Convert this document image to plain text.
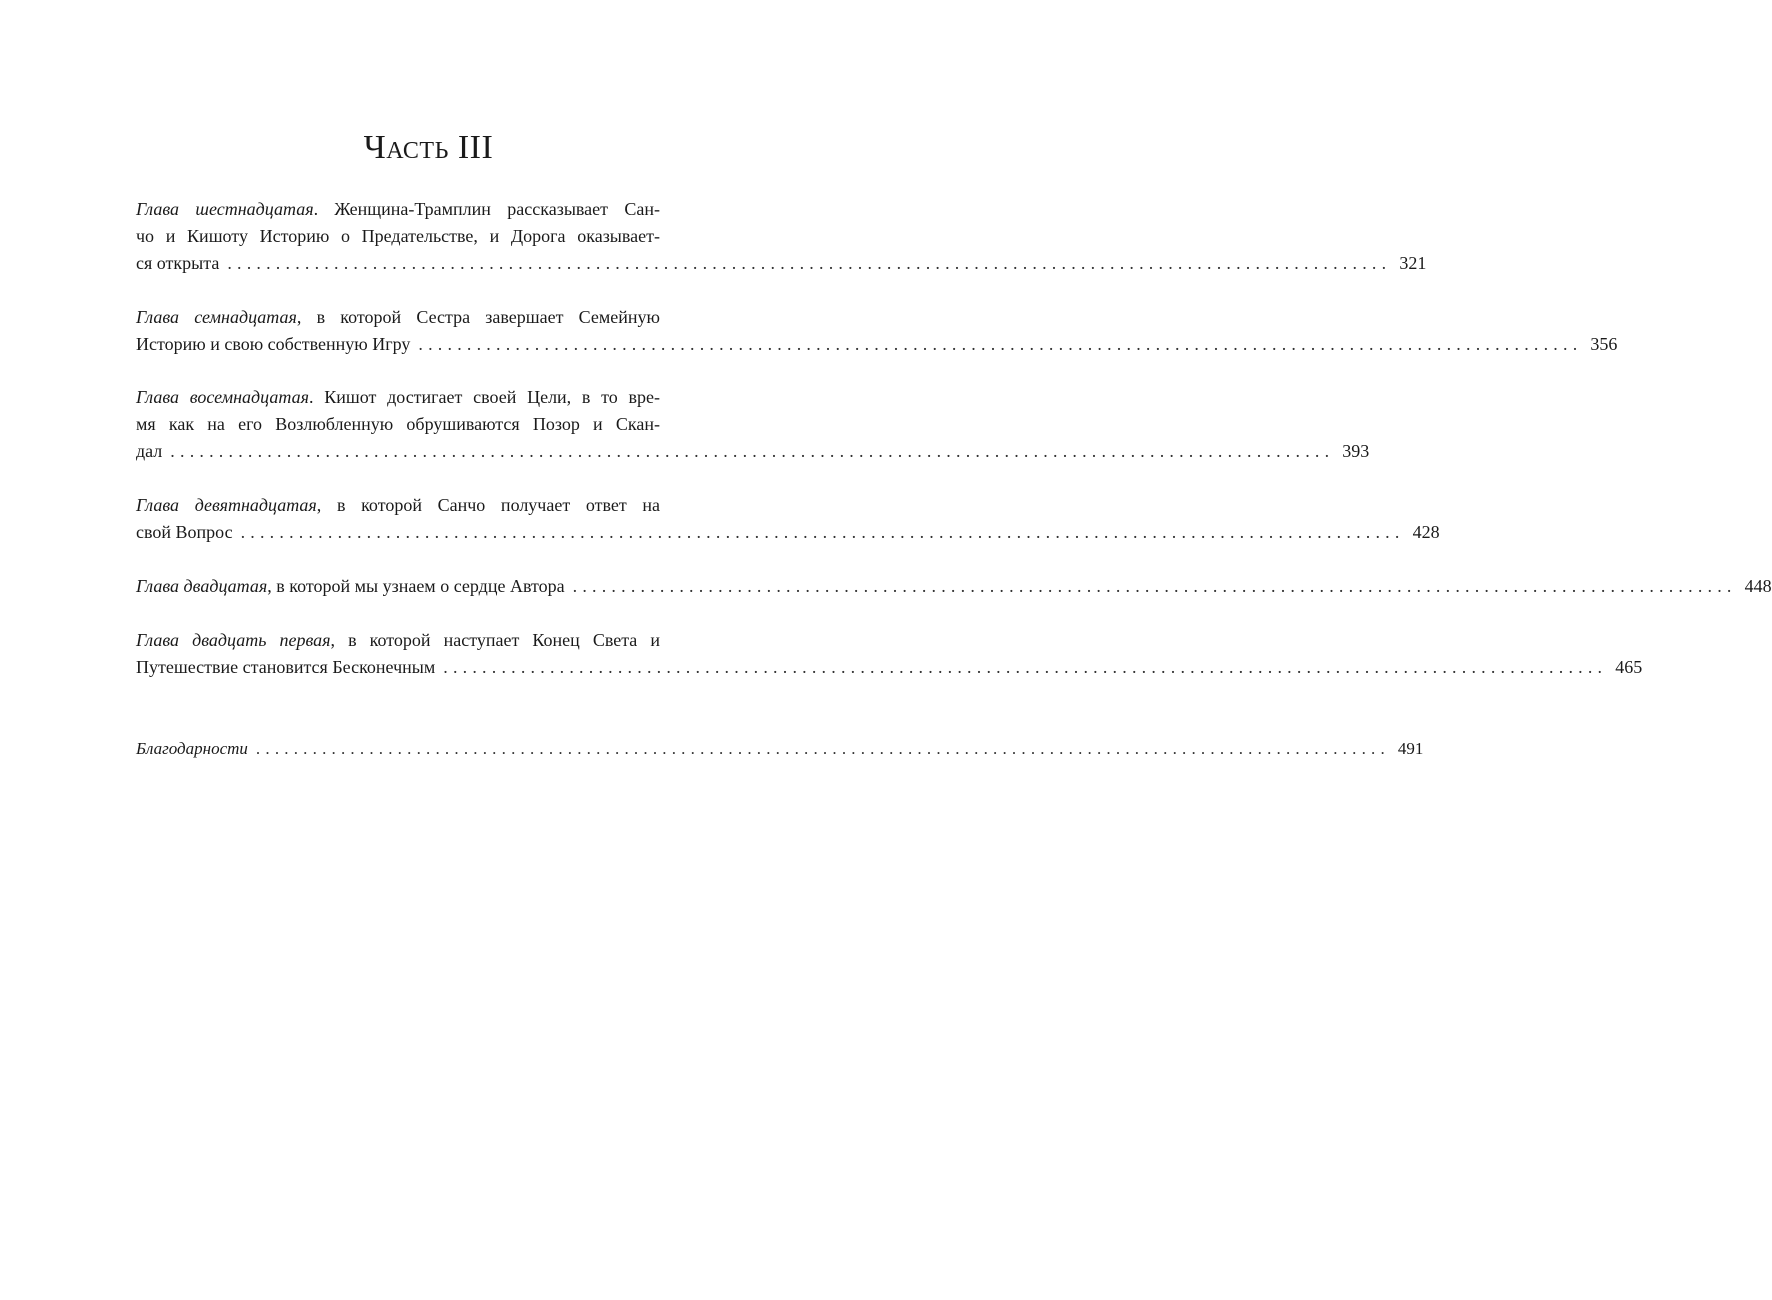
Часть III
Глава шестнадцатая. Женщина-Трамплин рассказывает Сан-
чо и Кишоту Историю о Предательстве, и Дорога оказывает-
ся открыта ........................................................................................................................ 321
Глава семнадцатая, в которой Сестра завершает Семейную
Историю и свою собственную Игру ........................................................................................................................ 356
Глава восемнадцатая. Кишот достигает своей Цели, в то вре-
мя как на его Возлюбленную обрушиваются Позор и Скан-
дал ........................................................................................................................ 393
Глава девятнадцатая, в которой Санчо получает ответ на
свой Вопрос ........................................................................................................................ 428
Глава двадцатая, в которой мы узнаем о сердце Автора ........................................................................................................................ 448
Глава двадцать первая, в которой наступает Конец Света и
Путешествие становится Бесконечным ........................................................................................................................ 465
Благодарности ........................................................................................................................ 491
